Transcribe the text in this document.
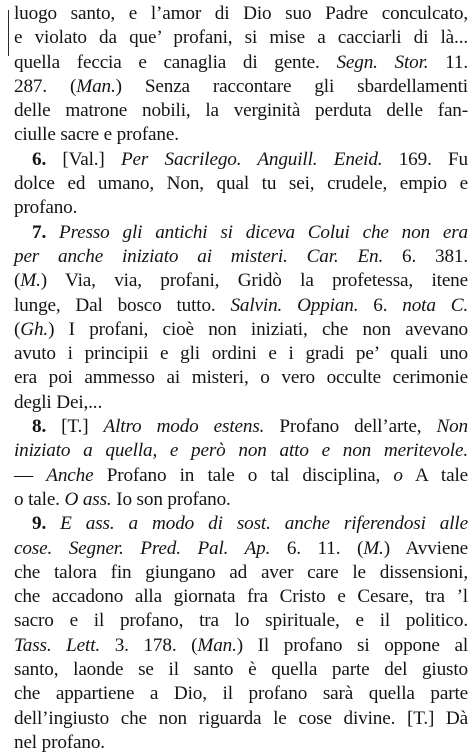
luogo santo, e l’amor di Dio suo Padre conculcato,
e violato da que’ profani, si mise a cacciarli di là...
quella feccia e canaglia di gente. Segn. Stor. 11.
287. (Man.) Senza raccontare gli sbardellamenti
delle matrone nobili, la verginità perduta delle fan-
ciulle sacre e profane.
6. [Val.] Per Sacrilego. Anguill. Eneid. 169. Fu
dolce ed umano, Non, qual tu sei, crudele, empio e
profano.
7. Presso gli antichi si diceva Colui che non era
per anche iniziato ai misteri. Car. En. 6. 381.
(M.) Via, via, profani, Gridò la profetessa, itene
lunge, Dal bosco tutto. Salvin. Oppian. 6. nota C.
(Gh.) I profani, cioè non iniziati, che non avevano
avuto i principii e gli ordini e i gradi pe’ quali uno
era poi ammesso ai misteri, o vero occulte cerimonie
degli Dei,...
8. [T.] Altro modo estens. Profano dell’arte, Non
iniziato a quella, e però non atto e non meritevole.
— Anche Profano in tale o tal disciplina, o A tale
o tale. O ass. Io son profano.
9. E ass. a modo di sost. anche riferendosi alle
cose. Segner. Pred. Pal. Ap. 6. 11. (M.) Avviene
che talora fin giungano ad aver care le dissensioni,
che accadono alla giornata fra Cristo e Cesare, tra ’l
sacro e il profano, tra lo spirituale, e il politico.
Tass. Lett. 3. 178. (Man.) Il profano si oppone al
santo, laonde se il santo è quella parte del giusto
che appartiene a Dio, il profano sarà quella parte
dell’ingiusto che non riguarda le cose divine. [T.] Dà
nel profano.
